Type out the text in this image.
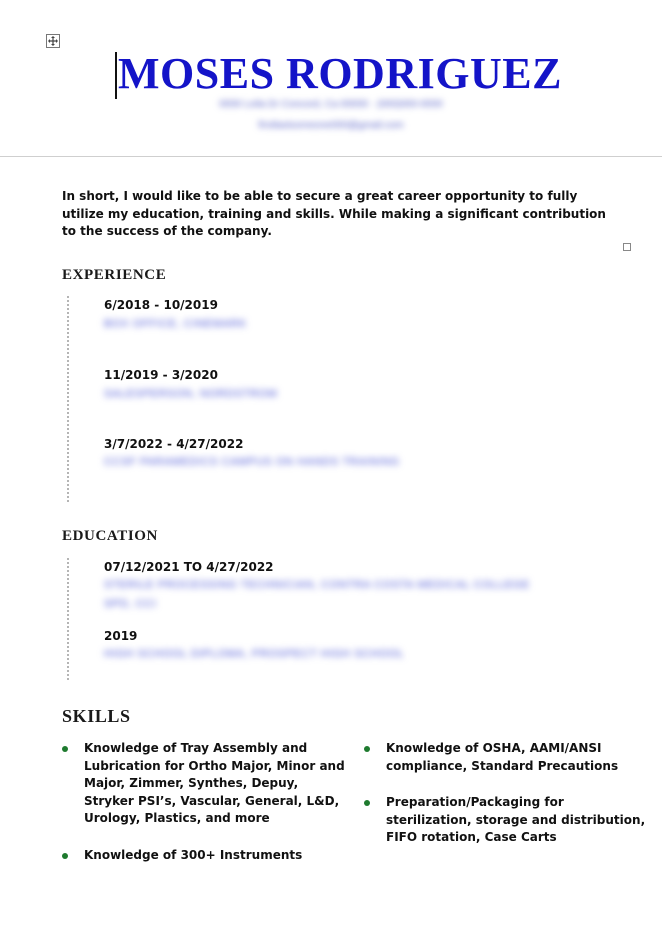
MOSES RODRIGUEZ
0000 Leila Dr Concord, Ca 00000 · (000)000-0000
firstlastsomeone000@gmail.com

In short, I would like to be able to secure a great career opportunity to fully utilize my education, training and skills. While making a significant contribution to the success of the company.

EXPERIENCE

6/2018 - 10/2019

BOX OFFICE, CINEMARK

11/2019 - 3/2020

SALESPERSON, NORDSTROM

3/7/2022 - 4/27/2022

CCSF PARAMEDICS CAMPUS ON HANDS TRAINING

EDUCATION

07/12/2021 TO 4/27/2022

STERILE PROCESSING TECHNICIAN, CONTRA COSTA MEDICAL COLLEGE

SPD, CCI

2019

HIGH SCHOOL DIPLOMA, PROSPECT HIGH SCHOOL

SKILLS
Knowledge of Tray Assembly and Lubrication for Ortho Major, Minor and Major, Zimmer, Synthes, Depuy, Stryker PSI’s, Vascular, General, L&D, Urology, Plastics, and more
Knowledge of 300+ Instruments
Knowledge of OSHA, AAMI/ANSI compliance, Standard Precautions
Preparation/Packaging for sterilization, storage and distribution, FIFO rotation, Case Carts
